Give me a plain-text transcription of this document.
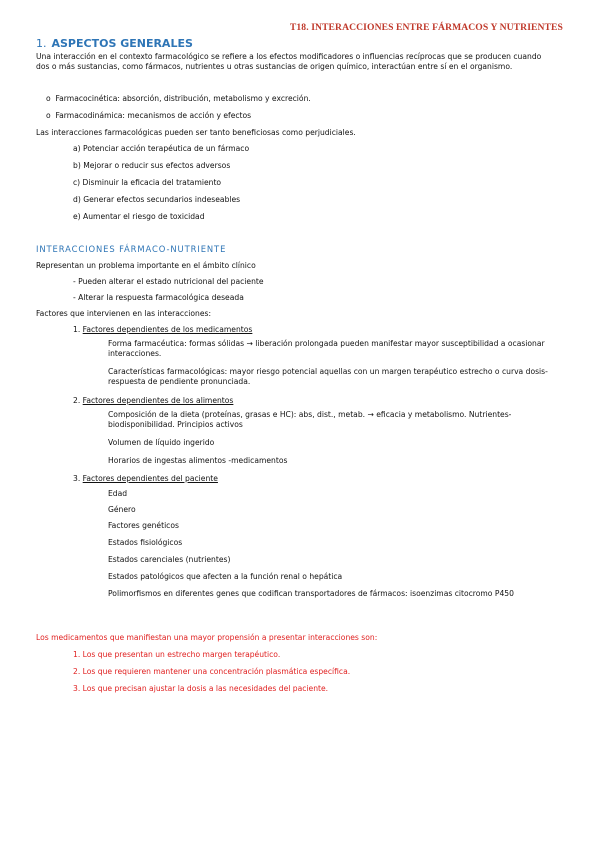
T18. INTERACCIONES ENTRE FÁRMACOS Y NUTRIENTES
1. ASPECTOS GENERALES
Una interacción en el contexto farmacológico se refiere a los efectos modificadores o influencias recíprocas que se producen cuando dos o más sustancias, como fármacos, nutrientes u otras sustancias de origen químico, interactúan entre sí en el organismo.
o Farmacocinética: absorción, distribución, metabolismo y excreción.
o Farmacodinámica: mecanismos de acción y efectos
Las interacciones farmacológicas pueden ser tanto beneficiosas como perjudiciales.
a) Potenciar acción terapéutica de un fármaco
b) Mejorar o reducir sus efectos adversos
c) Disminuir la eficacia del tratamiento
d) Generar efectos secundarios indeseables
e) Aumentar el riesgo de toxicidad
INTERACCIONES FÁRMACO-NUTRIENTE
Representan un problema importante en el ámbito clínico
- Pueden alterar el estado nutricional del paciente
- Alterar la respuesta farmacológica deseada
Factores que intervienen en las interacciones:
1. Factores dependientes de los medicamentos
Forma farmacéutica: formas sólidas → liberación prolongada pueden manifestar mayor susceptibilidad a ocasionar interacciones.
Características farmacológicas: mayor riesgo potencial aquellas con un margen terapéutico estrecho o curva dosis-respuesta de pendiente pronunciada.
2. Factores dependientes de los alimentos
Composición de la dieta (proteínas, grasas e HC): abs, dist., metab. → eficacia y metabolismo. Nutrientes-biodisponibilidad. Principios activos
Volumen de líquido ingerido
Horarios de ingestas alimentos -medicamentos
3. Factores dependientes del paciente
Edad
Género
Factores genéticos
Estados fisiológicos
Estados carenciales (nutrientes)
Estados patológicos que afecten a la función renal o hepática
Polimorfismos en diferentes genes que codifican transportadores de fármacos: isoenzimas citocromo P450
Los medicamentos que manifiestan una mayor propensión a presentar interacciones son:
1. Los que presentan un estrecho margen terapéutico.
2. Los que requieren mantener una concentración plasmática específica.
3. Los que precisan ajustar la dosis a las necesidades del paciente.
